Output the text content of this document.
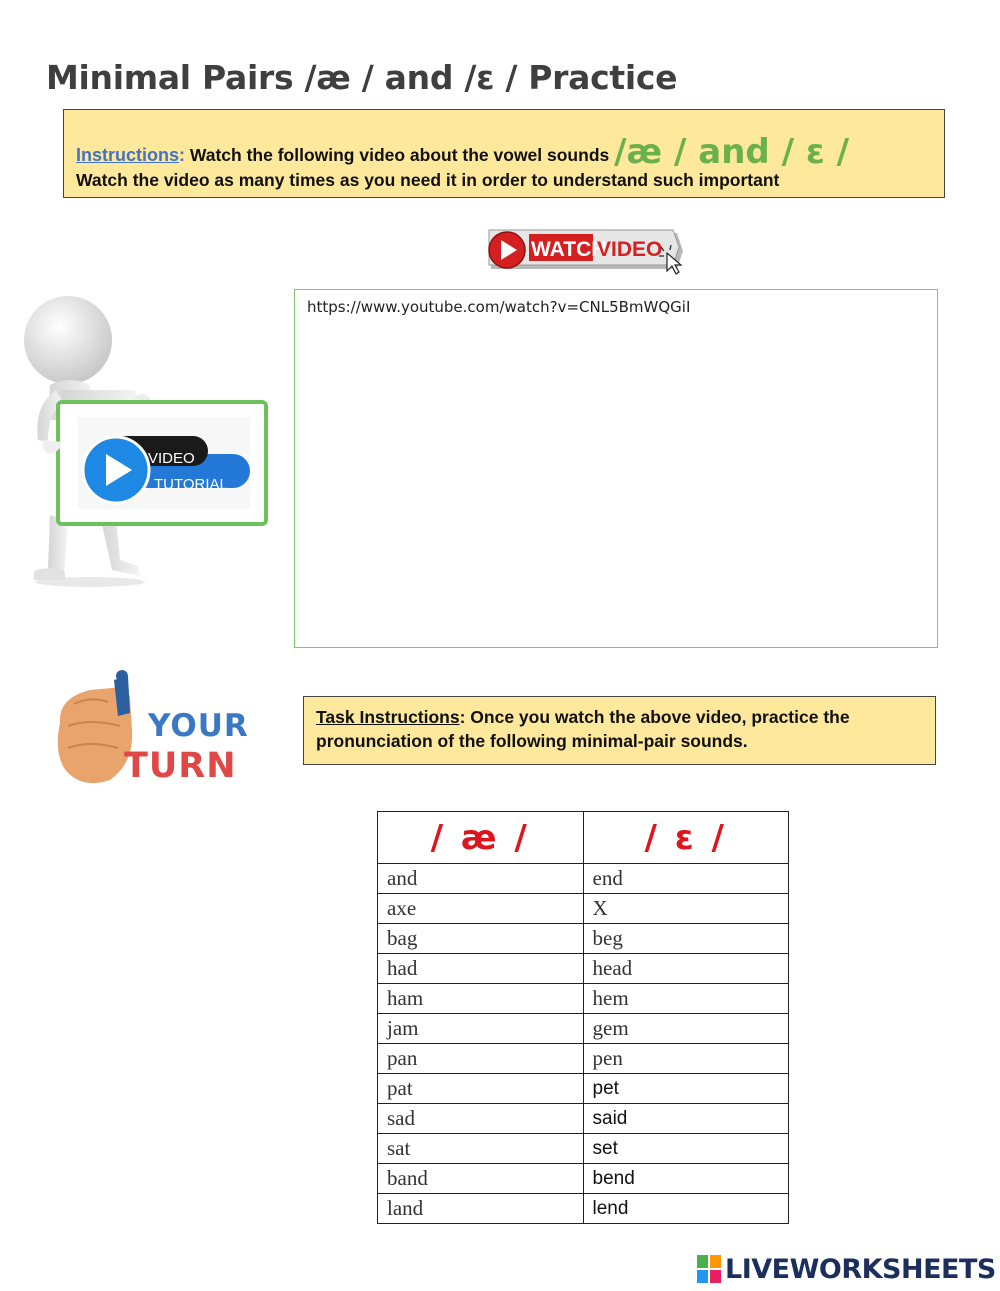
Minimal Pairs /æ / and /ɛ / Practice
Instructions: Watch the following video about the vowel sounds /æ / and / ɛ /
Watch the video as many times as you need it in order to understand such important
WATCH
VIDEO
https://www.youtube.com/watch?v=CNL5BmWQGiI
VIDEO
TUTORIAL
YOUR
TURN
Task Instructions: Once you watch the above video, practice the pronunciation of the following minimal-pair sounds.
/ æ /	/ ɛ /
and	end
axe	X
bag	beg
had	head
ham	hem
jam	gem
pan	pen
pat	pet
sad	said
sat	set
band	bend
land	lend
LIVEWORKSHEETS
